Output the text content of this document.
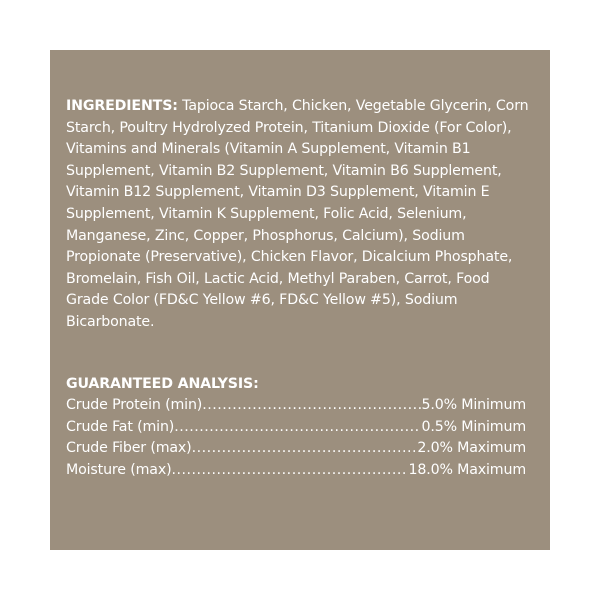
INGREDIENTS: Tapioca Starch, Chicken, Vegetable Glycerin, Corn Starch, Poultry Hydrolyzed Protein, Titanium Dioxide (For Color), Vitamins and Minerals (Vitamin A Supplement, Vitamin B1 Supplement, Vitamin B2 Supplement, Vitamin B6 Supplement, Vitamin B12 Supplement, Vitamin D3 Supplement, Vitamin E Supplement, Vitamin K Supplement, Folic Acid, Selenium, Manganese, Zinc, Copper, Phosphorus, Calcium), Sodium Propionate (Preservative), Chicken Flavor, Dicalcium Phosphate, Bromelain, Fish Oil, Lactic Acid, Methyl Paraben, Carrot, Food Grade Color (FD&C Yellow #6, FD&C Yellow #5), Sodium Bicarbonate.

GUARANTEED ANALYSIS:
Crude Protein (min) .....	5.0% Minimum
Crude Fat (min) .....	0.5% Minimum
Crude Fiber (max) .....	2.0% Maximum
Moisture (max) .....	18.0% Maximum
